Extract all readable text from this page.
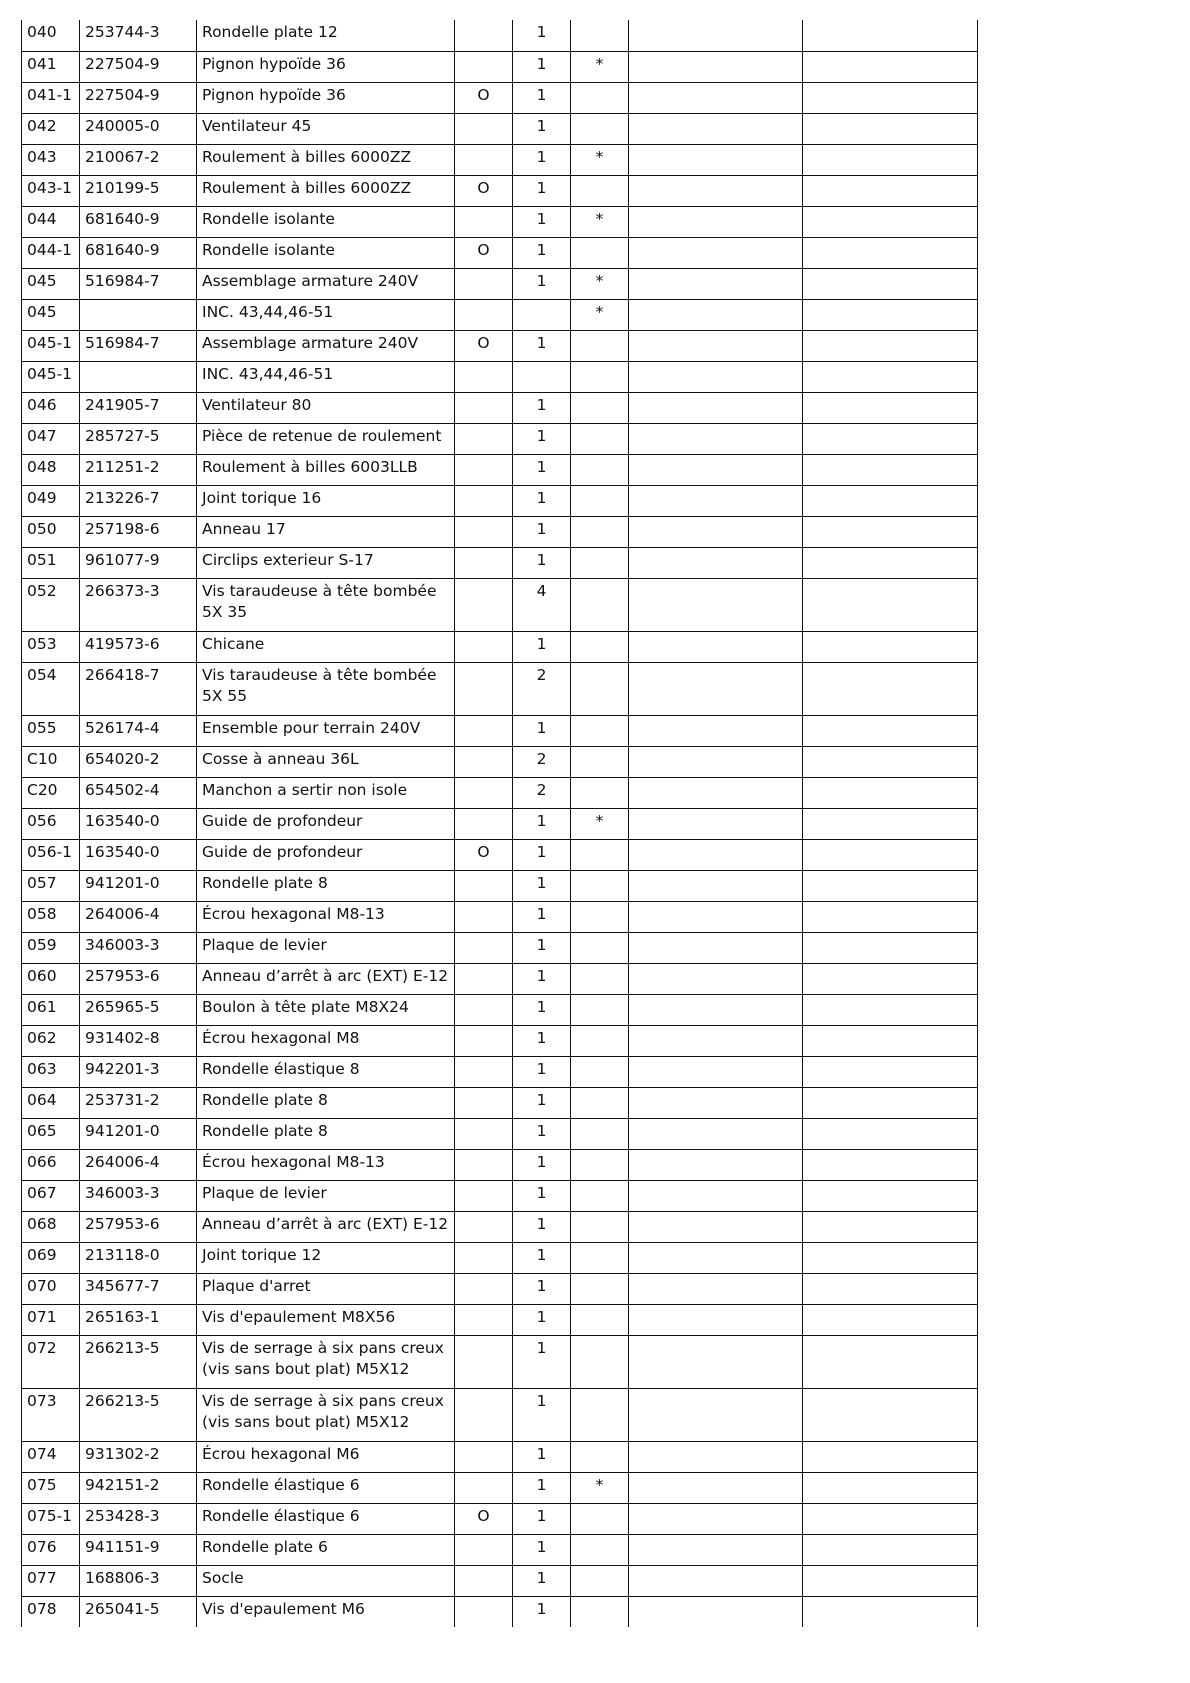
040	253744-3	Rondelle plate 12		1			
041	227504-9	Pignon hypoïde 36		1	*		
041-1	227504-9	Pignon hypoïde 36	O	1			
042	240005-0	Ventilateur 45		1			
043	210067-2	Roulement à billes 6000ZZ		1	*		
043-1	210199-5	Roulement à billes 6000ZZ	O	1			
044	681640-9	Rondelle isolante		1	*		
044-1	681640-9	Rondelle isolante	O	1			
045	516984-7	Assemblage armature 240V		1	*		
045		INC. 43,44,46-51			*		
045-1	516984-7	Assemblage armature 240V	O	1			
045-1		INC. 43,44,46-51					
046	241905-7	Ventilateur 80		1			
047	285727-5	Pièce de retenue de roulement		1			
048	211251-2	Roulement à billes 6003LLB		1			
049	213226-7	Joint torique 16		1			
050	257198-6	Anneau 17		1			
051	961077-9	Circlips exterieur S-17		1			
052	266373-3	Vis taraudeuse à tête bombée 5X 35		4			
053	419573-6	Chicane		1			
054	266418-7	Vis taraudeuse à tête bombée 5X 55		2			
055	526174-4	Ensemble pour terrain 240V		1			
C10	654020-2	Cosse à anneau 36L		2			
C20	654502-4	Manchon a sertir non isole		2			
056	163540-0	Guide de profondeur		1	*		
056-1	163540-0	Guide de profondeur	O	1			
057	941201-0	Rondelle plate 8		1			
058	264006-4	Écrou hexagonal M8-13		1			
059	346003-3	Plaque de levier		1			
060	257953-6	Anneau d’arrêt à arc (EXT) E-12		1			
061	265965-5	Boulon à tête plate M8X24		1			
062	931402-8	Écrou hexagonal M8		1			
063	942201-3	Rondelle élastique 8		1			
064	253731-2	Rondelle plate 8		1			
065	941201-0	Rondelle plate 8		1			
066	264006-4	Écrou hexagonal M8-13		1			
067	346003-3	Plaque de levier		1			
068	257953-6	Anneau d’arrêt à arc (EXT) E-12		1			
069	213118-0	Joint torique 12		1			
070	345677-7	Plaque d'arret		1			
071	265163-1	Vis d'epaulement M8X56		1			
072	266213-5	Vis de serrage à six pans creux (vis sans bout plat) M5X12		1			
073	266213-5	Vis de serrage à six pans creux (vis sans bout plat) M5X12		1			
074	931302-2	Écrou hexagonal M6		1			
075	942151-2	Rondelle élastique 6		1	*		
075-1	253428-3	Rondelle élastique 6	O	1			
076	941151-9	Rondelle plate 6		1			
077	168806-3	Socle		1			
078	265041-5	Vis d'epaulement M6		1			
